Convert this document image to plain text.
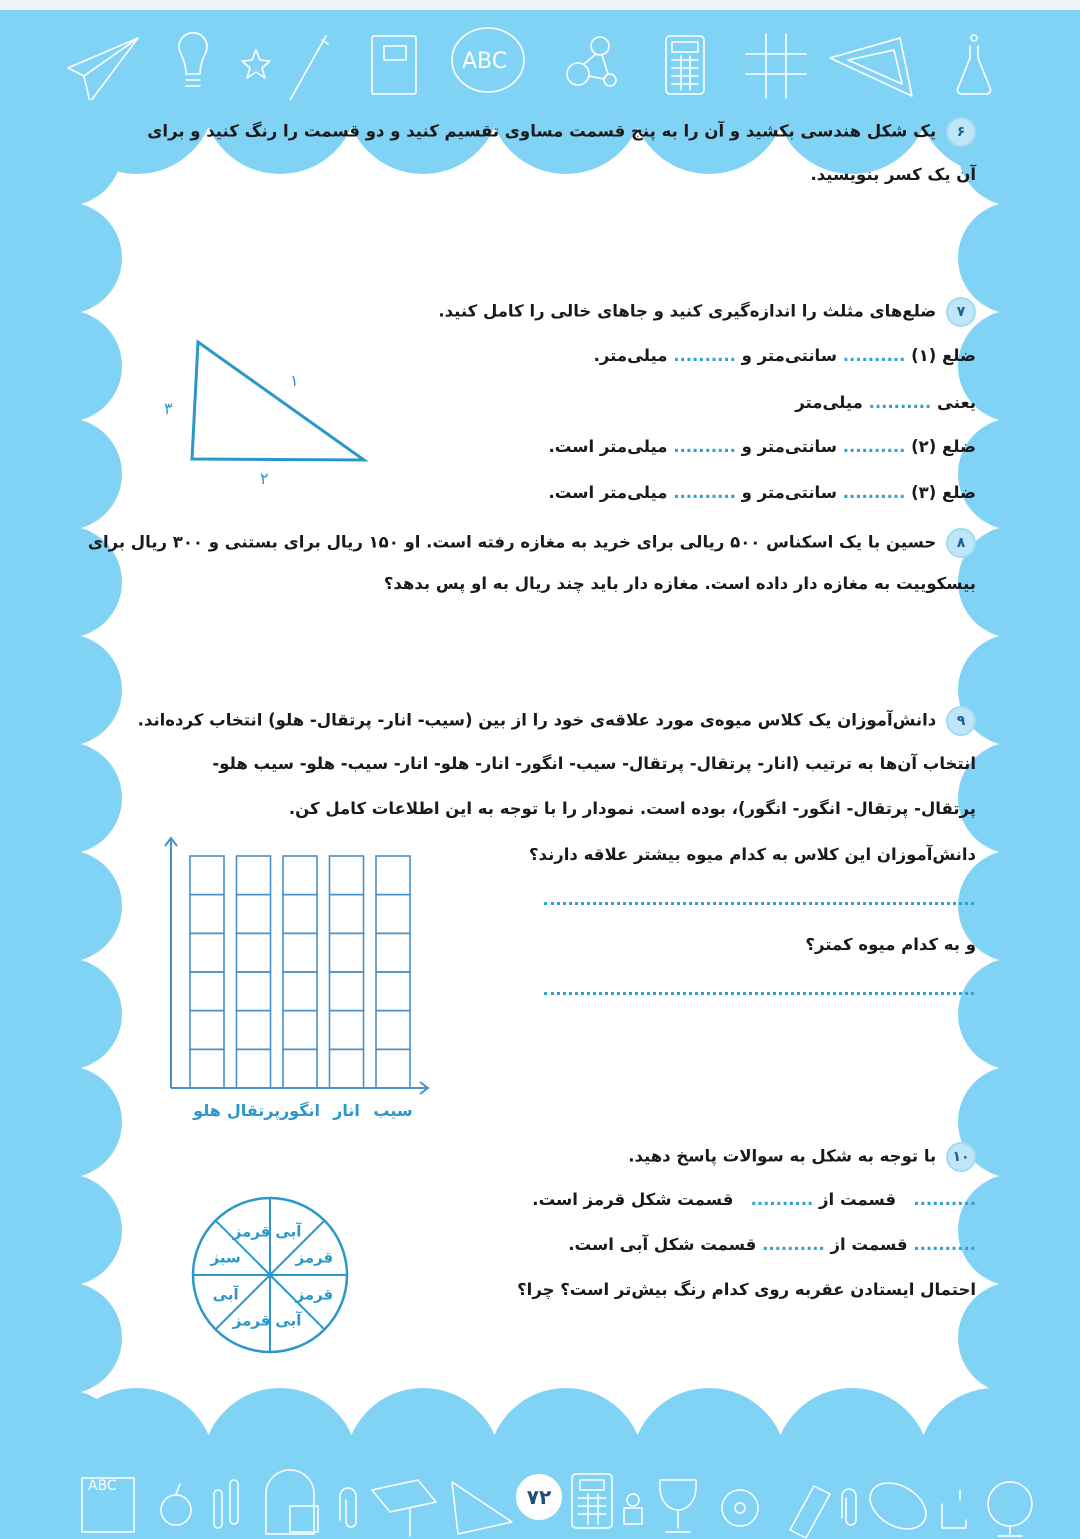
ABC
ABC	۷۲
۶ یک شکل هندسی بکشید و آن را به پنج قسمت مساوی تقسیم کنید و دو قسمت را رنگ کنید و برای
آن یک کسر بنویسید.
۷ ضلع‌های مثلث را اندازه‌گیری کنید و جاهای خالی را کامل کنید.
ضلع (۱) .......... سانتی‌متر و .......... میلی‌متر.
یعنی .......... میلی‌متر
ضلع (۲) .......... سانتی‌متر و .......... میلی‌متر است.
ضلع (۳) .......... سانتی‌متر و .......... میلی‌متر است.
۱
۳
۲
۸ حسین با یک اسکناس ۵۰۰ ریالی برای خرید به مغازه رفته است. او ۱۵۰ ریال برای بستنی و ۳۰۰ ریال برای
بیسکوییت به مغازه دار داده است. مغازه دار باید چند ریال به او پس بدهد؟
۹ دانش‌آموزان یک کلاس میوه‌ی مورد علاقه‌ی خود را از بین (سیب- انار- پرتقال- هلو) انتخاب کرده‌اند.
انتخاب آن‌ها به ترتیب (انار- پرتقال- پرتقال- سیب- انگور- انار- هلو- انار- سیب- هلو- سیب هلو-
پرتقال- پرتقال- انگور- انگور)، بوده است. نمودار را با توجه به این اطلاعات کامل کن.
دانش‌آموزان این کلاس به کدام میوه بیشتر علاقه دارند؟
و به کدام میوه کمتر؟
سیب
انار
انگور
پرتقال
هلو
۱۰ با توجه به شکل به سوالات پاسخ دهید.
..........   قسمت از ..........   قسمت شکل قرمز است.
.......... قسمت از .......... قسمت شکل آبی است.
احتمال ایستادن عقربه روی کدام رنگ بیش‌تر است؟ چرا؟
آبی
قرمز
قرمز
آبی
قرمز
آبی
سبز
قرمز
